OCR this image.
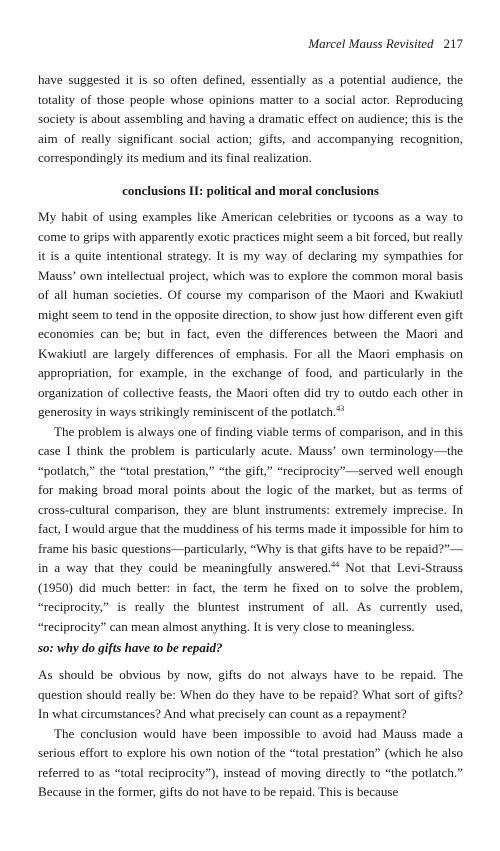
Marcel Mauss Revisited 217

have suggested it is so often defined, essentially as a potential audience, the totality of those people whose opinions matter to a social actor. Reproducing society is about assembling and having a dramatic effect on audience; this is the aim of really significant social action; gifts, and accompanying recognition, correspondingly its medium and its final realization.

conclusions II: political and moral conclusions

My habit of using examples like American celebrities or tycoons as a way to come to grips with apparently exotic practices might seem a bit forced, but really it is a quite intentional strategy. It is my way of declaring my sympathies for Mauss’ own intellectual project, which was to explore the common moral basis of all human societies. Of course my comparison of the Maori and Kwakiutl might seem to tend in the opposite direction, to show just how different even gift economies can be; but in fact, even the differences between the Maori and Kwakiutl are largely differences of emphasis. For all the Maori emphasis on appropriation, for example, in the exchange of food, and particularly in the organization of collective feasts, the Maori often did try to outdo each other in generosity in ways strikingly reminiscent of the potlatch.$^{43}$

The problem is always one of finding viable terms of comparison, and in this case I think the problem is particularly acute. Mauss’ own terminology—the “potlatch,” the “total prestation,” “the gift,” “reciprocity”—served well enough for making broad moral points about the logic of the market, but as terms of cross-cultural comparison, they are blunt instruments: extremely imprecise. In fact, I would argue that the muddiness of his terms made it impossible for him to frame his basic questions—particularly, “Why is that gifts have to be repaid?”—in a way that they could be meaningfully answered.$^{44}$ Not that Levi-Strauss (1950) did much better: in fact, the term he fixed on to solve the problem, “reciprocity,” is really the bluntest instrument of all. As currently used, “reciprocity” can mean almost anything. It is very close to meaningless.

so: why do gifts have to be repaid?

As should be obvious by now, gifts do not always have to be repaid. The question should really be: When do they have to be repaid? What sort of gifts? In what circumstances? And what precisely can count as a repayment?

The conclusion would have been impossible to avoid had Mauss made a serious effort to explore his own notion of the “total prestation” (which he also referred to as “total reciprocity”), instead of moving directly to “the potlatch.” Because in the former, gifts do not have to be repaid. This is because
